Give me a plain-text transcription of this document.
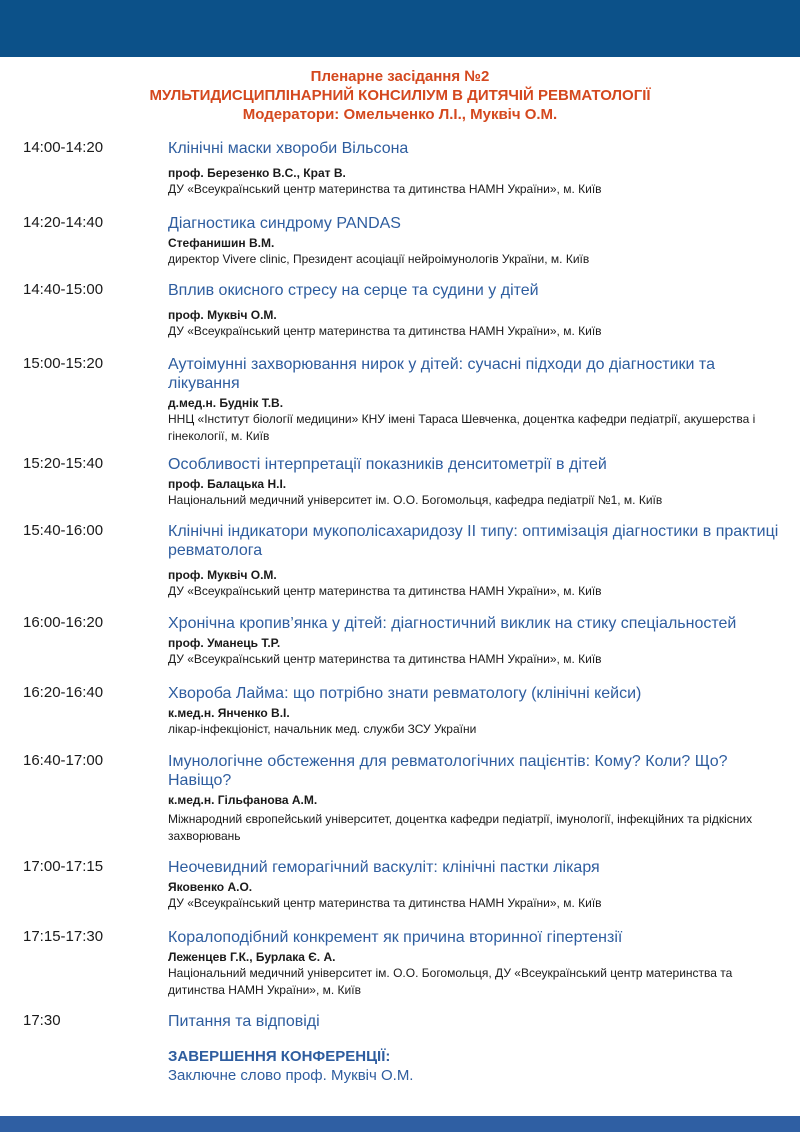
Пленарне засідання №2
МУЛЬТИДИСЦИПЛІНАРНИЙ КОНСИЛІУМ В ДИТЯЧІЙ РЕВМАТОЛОГІЇ
Модератори: Омельченко Л.І., Муквіч О.М.
14:00-14:20	Клінічні маски хвороби Вільсона
проф. Березенко В.С., Крат В.
ДУ «Всеукраїнський центр материнства та дитинства НАМН України», м. Київ
14:20-14:40	Діагностика синдрому PANDAS
Стефанишин В.М.
директор Vivere clinic, Президент асоціації нейроімунологів України, м. Київ
14:40-15:00	Вплив окисного стресу на серце та судини у дітей
проф. Муквіч О.М.
ДУ «Всеукраїнський центр материнства та дитинства НАМН України», м. Київ
15:00-15:20	Аутоімунні захворювання нирок у дітей: сучасні підходи до діагностики та лікування
д.мед.н. Буднік Т.В.
ННЦ «Інститут біології медицини» КНУ імені Тараса Шевченка, доцентка кафедри педіатрії, акушерства і гінекології, м. Київ
15:20-15:40	Особливості інтерпретації показників денситометрії в дітей
проф. Балацька Н.І.
Національний медичний університет ім. О.О. Богомольця, кафедра педіатрії №1, м. Київ
15:40-16:00	Клінічні індикатори мукополісахаридозу ІІ типу: оптимізація діагностики в практиці ревматолога
проф. Муквіч О.М.
ДУ «Всеукраїнський центр материнства та дитинства НАМН України», м. Київ
16:00-16:20	Хронічна кропив’янка у дітей: діагностичний виклик на стику спеціальностей
проф. Уманець Т.Р.
ДУ «Всеукраїнський центр материнства та дитинства НАМН України», м. Київ
16:20-16:40	Хвороба Лайма: що потрібно знати ревматологу (клінічні кейси)
к.мед.н. Янченко В.І.
лікар-інфекціоніст, начальник мед. служби ЗСУ України
16:40-17:00	Імунологічне обстеження для ревматологічних пацієнтів: Кому? Коли? Що? Навіщо?
к.мед.н. Гільфанова А.М.
Міжнародний європейський університет, доцентка кафедри педіатрії, імунології, інфекційних та рідкісних захворювань
17:00-17:15	Неочевидний геморагічний васкуліт: клінічні пастки лікаря
Яковенко А.О.
ДУ «Всеукраїнський центр материнства та дитинства НАМН України», м. Київ
17:15-17:30	Коралоподібний конкремент як причина вторинної гіпертензії
Леженцев Г.К., Бурлака Є. А.
Національний медичний університет ім. О.О. Богомольця, ДУ «Всеукраїнський центр материнства та дитинства НАМН України», м. Київ
17:30	Питання та відповіді
ЗАВЕРШЕННЯ КОНФЕРЕНЦІЇ:
Заключне слово проф. Муквіч О.М.
